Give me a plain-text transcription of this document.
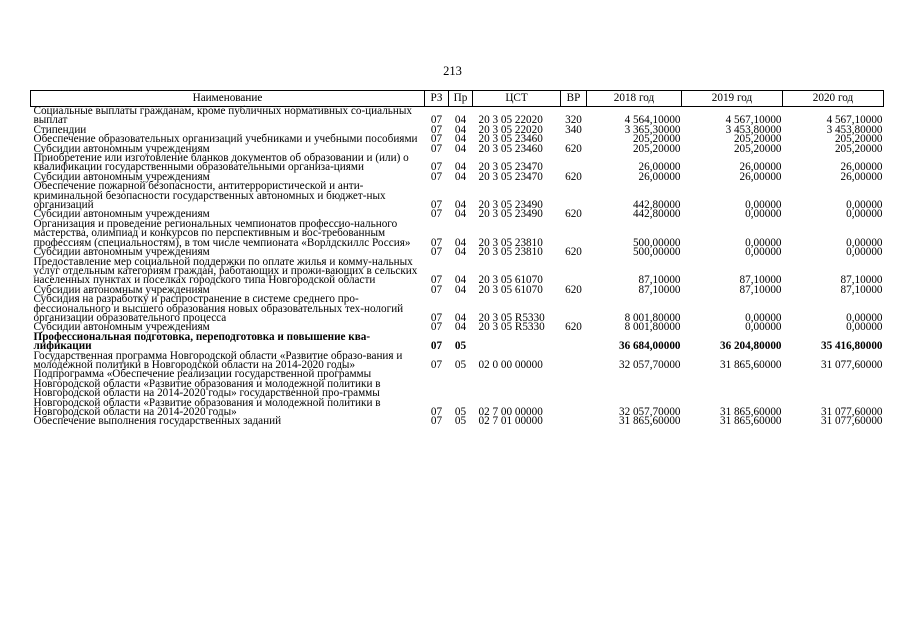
213
Наименование	РЗ	Пр	ЦСТ	ВР	2018 год	2019 год	2020 год
Социальные выплаты гражданам, кроме публичных нормативных со-циальных выплат	07	04	20 3 05 22020	320	4 564,10000	4 567,10000	4 567,10000
Стипендии	07	04	20 3 05 22020	340	3 365,30000	3 453,80000	3 453,80000
Обеспечение образовательных организаций учебниками и учебными пособиями	07	04	20 3 05 23460		205,20000	205,20000	205,20000
Субсидии автономным учреждениям	07	04	20 3 05 23460	620	205,20000	205,20000	205,20000
Приобретение или изготовление бланков документов об образовании и (или) о квалификации государственными образовательными организа-циями	07	04	20 3 05 23470		26,00000	26,00000	26,00000
Субсидии автономным учреждениям	07	04	20 3 05 23470	620	26,00000	26,00000	26,00000
Обеспечение пожарной безопасности, антитеррористической и анти-криминальной безопасности государственных автономных и бюджет-ных организаций	07	04	20 3 05 23490		442,80000	0,00000	0,00000
Субсидии автономным учреждениям	07	04	20 3 05 23490	620	442,80000	0,00000	0,00000
Организация и проведение региональных чемпионатов профессио-нального мастерства, олимпиад и конкурсов по перспективным и вос-требованным профессиям (специальностям), в том числе чемпионата «Ворлдскиллс Россия»	07	04	20 3 05 23810		500,00000	0,00000	0,00000
Субсидии автономным учреждениям	07	04	20 3 05 23810	620	500,00000	0,00000	0,00000
Предоставление мер социальной поддержки по оплате жилья и комму-нальных услуг отдельным категориям граждан, работающих и прожи-вающих в сельских населенных пунктах и поселках городского типа Новгородской области	07	04	20 3 05 61070		87,10000	87,10000	87,10000
Субсидии автономным учреждениям	07	04	20 3 05 61070	620	87,10000	87,10000	87,10000
Субсидия на разработку и распространение в системе среднего про-фессионального и высшего образования новых образовательных тех-нологий организации образовательного процесса	07	04	20 3 05 R5330		8 001,80000	0,00000	0,00000
Субсидии автономным учреждениям	07	04	20 3 05 R5330	620	8 001,80000	0,00000	0,00000
Профессиональная подготовка, переподготовка и повышение ква-лификации	07	05			36 684,00000	36 204,80000	35 416,80000
Государственная программа Новгородской области «Развитие образо-вания и молодежной политики в Новгородской области на 2014-2020 годы»	07	05	02 0 00 00000		32 057,70000	31 865,60000	31 077,60000
Подпрограмма «Обеспечение реализации государственной программы Новгородской области «Развитие образования и молодежной политики в Новгородской области на 2014-2020 годы» государственной про-граммы Новгородской области «Развитие образования и молодежной политики в Новгородской области на 2014-2020 годы»	07	05	02 7 00 00000		32 057,70000	31 865,60000	31 077,60000
Обеспечение выполнения государственных заданий	07	05	02 7 01 00000		31 865,60000	31 865,60000	31 077,60000
